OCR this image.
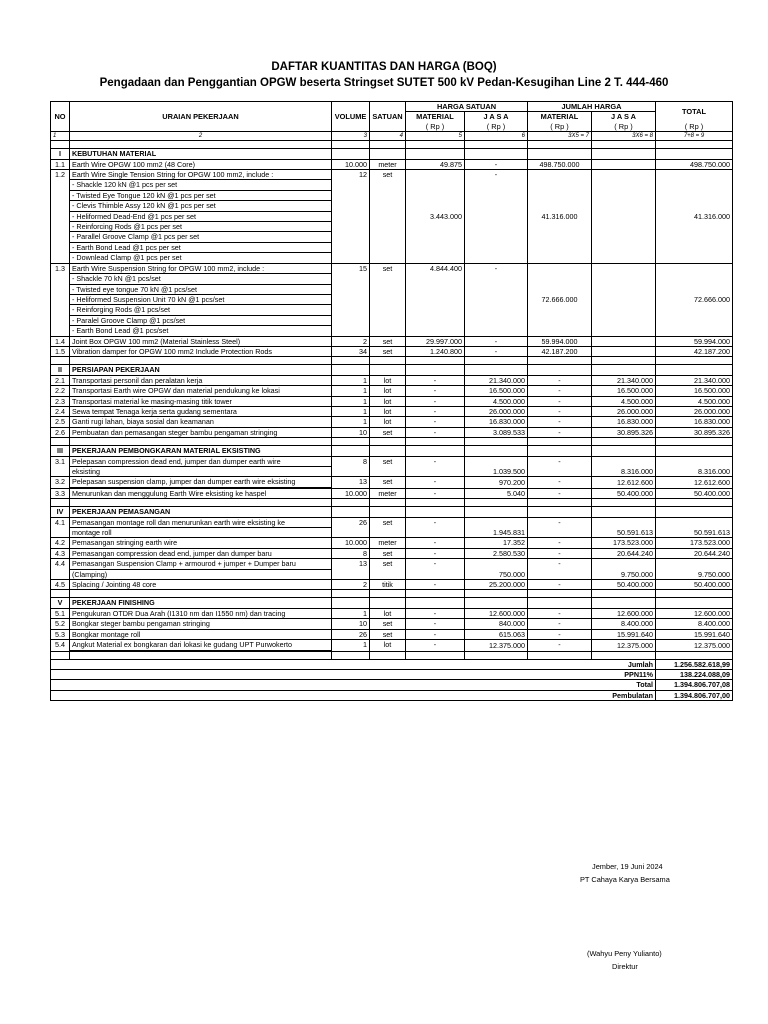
DAFTAR KUANTITAS DAN HARGA (BOQ)
Pengadaan dan Penggantian OPGW beserta Stringset SUTET 500 kV Pedan-Kesugihan Line 2 T. 444-460
NO	URAIAN PEKERJAAN	VOLUME	SATUAN	HARGA SATUAN		JUMLAH HARGA		TOTAL
				MATERIAL	J A S A	MATERIAL	J A S A	
				( Rp )	( Rp )	( Rp )	( Rp )	( Rp )
1	2	3	4	5	6	3X5 = 7	3X6 = 8	7+8 = 9

I	KEBUTUHAN MATERIAL							
1.1	Earth Wire OPGW 100 mm2 (48 Core)	10.000	meter	49.875	-	498.750.000		498.750.000
1.2	Earth Wire Single Tension String for OPGW 100 mm2, include :	12	set	3.443.000	-	41.316.000		41.316.000
	- Shackle 120 kN @1 pcs per set							
	- Twisted Eye Tongue 120 kN @1 pcs per set							
	- Clevis Thimble Assy 120 kN @1 pcs per set							
	- Heliformed Dead-End @1 pcs per set							
	- Reinforcing Rods @1 pcs per set							
	- Parallel Groove Clamp @1 pcs per set							
	- Earth Bond Lead @1 pcs per set							
	- Downlead Clamp @1 pcs per set							
1.3	Earth Wire Suspension String for OPGW 100 mm2, include :	15	set	4.844.400	-	72.666.000		72.666.000
	- Shackle 70 kN @1 pcs/set							
	- Twisted eye tongue 70 kN @1 pcs/set							
	- Heliformed Suspension Unit 70 kN @1 pcs/set							
	- Reinforging Rods @1 pcs/set							
	- Paralel Groove Clamp @1 pcs/set							
	- Earth Bond Lead @1 pcs/set							
1.4	Joint Box OPGW 100 mm2 (Material Stainless Steel)	2	set	29.997.000	-	59.994.000		59.994.000
1.5	Vibration damper for OPGW 100 mm2 Include Protection Rods	34	set	1.240.800	-	42.187.200		42.187.200

II	PERSIAPAN PEKERJAAN							
2.1	Transportasi personil dan peralatan kerja	1	lot	-	21.340.000	-	21.340.000	21.340.000
2.2	Transportasi Earth wire OPGW dan material pendukung ke lokasi	1	lot	-	16.500.000	-	16.500.000	16.500.000
2.3	Transportasi material ke masing-masing titik tower	1	lot	-	4.500.000	-	4.500.000	4.500.000
2.4	Sewa tempat Tenaga kerja serta gudang sementara	1	lot	-	26.000.000	-	26.000.000	26.000.000
2.5	Ganti rugi lahan, biaya sosial dan keamanan	1	lot	-	16.830.000	-	16.830.000	16.830.000
2.6	Pembuatan dan pemasangan steger bambu pengaman stringing	10	set	-	3.089.533	-	30.895.326	30.895.326

III	PEKERJAAN PEMBONGKARAN MATERIAL EKSISTING							
3.1	Pelepasan compression dead end, jumper dan dumper earth wire	8	set	-	1.039.500	-	8.316.000	8.316.000
	eksisting							
3.2	Pelepasan suspension clamp, jumper dan dumper earth wire eksisting	13	set	-	970.200	-	12.612.600	12.612.600

3.3	Menurunkan dan menggulung Earth Wire eksisting ke haspel	10.000	meter	-	5.040	-	50.400.000	50.400.000

IV	PEKERJAAN PEMASANGAN							
4.1	Pemasangan montage roll dan menurunkan earth wire eksisting ke	26	set	-	1.945.831	-	50.591.613	50.591.613
	montage roll							
4.2	Pemasangan stringing earth wire	10.000	meter	-	17.352	-	173.523.000	173.523.000
4.3	Pemasangan compression dead end, jumper dan dumper baru	8	set	-	2.580.530	-	20.644.240	20.644.240
4.4	Pemasangan Suspension Clamp + armourod + jumper + Dumper baru	13	set	-	750.000	-	9.750.000	9.750.000
	(Clamping)							
4.5	Splacing / Jointing 48 core	2	titik	-	25.200.000	-	50.400.000	50.400.000

V	PEKERJAAN FINISHING							
5.1	Pengukuran OTDR Dua Arah (I1310 nm dan I1550 nm) dan tracing	1	lot	-	12.600.000	-	12.600.000	12.600.000
5.2	Bongkar steger bambu pengaman stringing	10	set	-	840.000	-	8.400.000	8.400.000
5.3	Bongkar montage roll	26	set	-	615.063	-	15.991.640	15.991.640
5.4	Angkut Material ex bongkaran dari lokasi ke gudang UPT Purwokerto	1	lot	-	12.375.000	-	12.375.000	12.375.000

Jumlah								1.256.582.618,99
PPN11%								138.224.088,09
Total								1.394.806.707,08
Pembulatan								1.394.806.707,00
Jember, 19 Juni 2024
PT Cahaya Karya Bersama
(Wahyu Peny Yulianto)
Direktur
